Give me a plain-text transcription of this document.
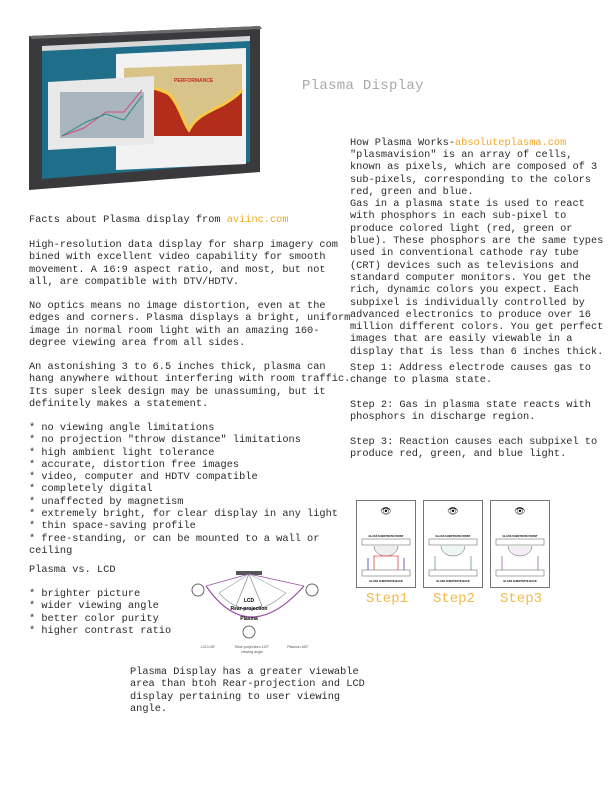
PERFORMANCE	Plasma Display
Facts about Plasma display from aviinc.com
High-resolution data display for sharp imagery com
bined with excellent video capability for smooth
movement. A 16:9 aspect ratio, and most, but not
all, are compatible with DTV/HDTV.
No optics means no image distortion, even at the
edges and corners. Plasma displays a bright, uniform
image in normal room light with an amazing 160-
degree viewing area from all sides.
An astonishing 3 to 6.5 inches thick, plasma can
hang anywhere without interfering with room traffic.
Its super sleek design may be unassuming, but it
definitely makes a statement.
* no viewing angle limitations
* no projection "throw distance" limitations
* high ambient light tolerance
* accurate, distortion free images
* video, computer and HDTV compatible
* completely digital
* unaffected by magnetism
* extremely bright, for clear display in any light
* thin space-saving profile
* free-standing, or can be mounted to a wall or
ceiling
Plasma vs. LCD
* brighter picture
* wider viewing angle
* better color purity
* higher contrast ratio
LCD
Rear-projection
Plasma
LCD=45°	Rear-projection=120°	Plasma=160°
viewing angle
Plasma Display has a greater viewable
area than btoh Rear-projection and LCD
display pertaining to user viewing
angle.
How Plasma Works-absoluteplasma.com
"plasmavision" is an array of cells,
known as pixels, which are composed of 3
sub-pixels, corresponding to the colors
red, green and blue.
Gas in a plasma state is used to react
with phosphors in each sub-pixel to
produce colored light (red, green or
blue). These phosphors are the same types
used in conventional cathode ray tube
(CRT) devices such as televisions and
standard computer monitors. You get the
rich, dynamic colors you expect. Each
subpixel is individually controlled by
advanced electronics to produce over 16
million different colors. You get perfect
images that are easily viewable in a
display that is less than 6 inches thick.
Step 1: Address electrode causes gas to
change to plasma state.
Step 2: Gas in plasma state reacts with
phosphors in discharge region.
Step 3: Reaction causes each subpixel to
produce red, green, and blue light.
👁
GLASS SUBSTRATE FRONT
GLASS SUBSTRATE BACK
👁
GLASS SUBSTRATE FRONT
GLASS SUBSTRATE BACK
👁
GLASS SUBSTRATE FRONT
GLASS SUBSTRATE BACK
Step1 Step2 Step3
